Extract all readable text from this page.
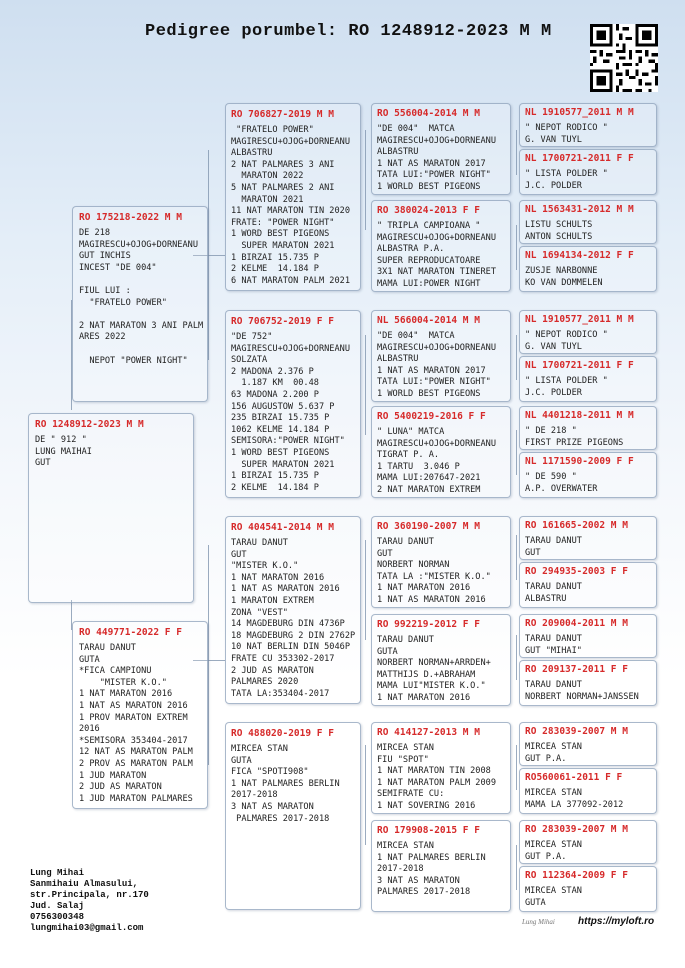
Pedigree porumbel: RO 1248912-2023 M M
RO 1248912-2023 M M
DE " 912 "
LUNG MAIHAI
GUT
RO 175218-2022 M M
DE 218
MAGIRESCU+OJOG+DORNEANU
GUT INCHIS
INCEST "DE 004"

FIUL LUI :
"FRATELO POWER"

2 NAT MARATON 3 ANI PALM
ARES 2022

NEPOT "POWER NIGHT"
RO 449771-2022 F F
TARAU DANUT
GUTA
*FICA CAMPIONU
"MISTER K.O."
1 NAT MARATON 2016
1 NAT AS MARATON 2016
1 PROV MARATON EXTREM
2016
*SEMISORA 353404-2017
12 NAT AS MARATON PALM
2 PROV AS MARATON PALM
1 JUD MARATON
2 JUD AS MARATON
1 JUD MARATON PALMARES
RO 706827-2019 M M
"FRATELO POWER"
MAGIRESCU+OJOG+DORNEANU
ALBASTRU
2 NAT PALMARES 3 ANI
MARATON 2022
5 NAT PALMARES 2 ANI
MARATON 2021
11 NAT MARATON TIN 2020
FRATE: "POWER NIGHT"
1 WORD BEST PIGEONS
SUPER MARATON 2021
1 BIRZAI 15.735 P
2 KELME  14.184 P
6 NAT MARATON PALM 2021
RO 706752-2019 F F
"DE 752"
MAGIRESCU+OJOG+DORNEANU
SOLZATA
2 MADONA 2.376 P
1.187 KM  00.48
63 MADONA 2.200 P
156 AUGUSTOW 5.637 P
235 BIRZAI 15.735 P
1062 KELME 14.184 P
SEMISORA:"POWER NIGHT"
1 WORD BEST PIGEONS
SUPER MARATON 2021
1 BIRZAI 15.735 P
2 KELME  14.184 P
RO 404541-2014 M M
TARAU DANUT
GUT
"MISTER K.O."
1 NAT MARATON 2016
1 NAT AS MARATON 2016
1 MARATON EXTREM
ZONA "VEST"
14 MAGDEBURG DIN 4736P
18 MAGDEBURG 2 DIN 2762P
10 NAT BERLIN DIN 5046P
FRATE CU 353302-2017
2 JUD AS MARATON
PALMARES 2020
TATA LA:353404-2017
RO 488020-2019 F F
MIRCEA STAN
GUTA
FICA "SPOTI908"
1 NAT PALMARES BERLIN
2017-2018
3 NAT AS MARATON
PALMARES 2017-2018
RO 556004-2014 M M
"DE 004"  MATCA
MAGIRESCU+OJOG+DORNEANU
ALBASTRU
1 NAT AS MARATON 2017
TATA LUI:"POWER NIGHT"
1 WORLD BEST PIGEONS
RO 380024-2013 F F
" TRIPLA CAMPIOANA "
MAGIRESCU+OJOG+DORNEANU
ALBASTRA P.A.
SUPER REPRODUCATOARE
3X1 NAT MARATON TINERET
MAMA LUI:POWER NIGHT
NL 566004-2014 M M
"DE 004"  MATCA
MAGIRESCU+OJOG+DORNEANU
ALBASTRU
1 NAT AS MARATON 2017
TATA LUI:"POWER NIGHT"
1 WORLD BEST PIGEONS
RO 5400219-2016 F F
" LUNA" MATCA
MAGIRESCU+OJOG+DORNEANU
TIGRAT P. A.
1 TARTU  3.046 P
MAMA LUI:207647-2021
2 NAT MARATON EXTREM
RO 360190-2007 M M
TARAU DANUT
GUT
NORBERT NORMAN
TATA LA :"MISTER K.O."
1 NAT MARATON 2016
1 NAT AS MARATON 2016
RO 992219-2012 F F
TARAU DANUT
GUTA
NORBERT NORMAN+ARRDEN+
MATTHIJS D.+ABRAHAM
MAMA LUI"MISTER K.O."
1 NAT MARATON 2016
RO 414127-2013 M M
MIRCEA STAN
FIU "SPOT"
1 NAT MARATON TIN 2008
1 NAT MARATON PALM 2009
SEMIFRATE CU:
1 NAT SOVERING 2016
RO 179908-2015 F F
MIRCEA STAN
1 NAT PALMARES BERLIN
2017-2018
3 NAT AS MARATON
PALMARES 2017-2018
NL 1910577_2011 M M
" NEPOT RODICO "
G. VAN TUYL
NL 1700721-2011 F F
" LISTA POLDER "
J.C. POLDER
NL 1563431-2012 M M
LISTU SCHULTS
ANTON SCHULTS
NL 1694134-2012 F F
ZUSJE NARBONNE
KO VAN DOMMELEN
NL 1910577_2011 M M
" NEPOT RODICO "
G. VAN TUYL
NL 1700721-2011 F F
" LISTA POLDER "
J.C. POLDER
NL 4401218-2011 M M
" DE 218 "
FIRST PRIZE PIGEONS
NL 1171590-2009 F F
" DE 590 "
A.P. OVERWATER
RO 161665-2002 M M
TARAU DANUT
GUT
RO 294935-2003 F F
TARAU DANUT
ALBASTRU
RO 209004-2011 M M
TARAU DANUT
GUT "MIHAI"
RO 209137-2011 F F
TARAU DANUT
NORBERT NORMAN+JANSSEN
RO 283039-2007 M M
MIRCEA STAN
GUT P.A.
RO560061-2011 F F
MIRCEA STAN
MAMA LA 377092-2012
RO 283039-2007 M M
MIRCEA STAN
GUT P.A.
RO 112364-2009 F F
MIRCEA STAN
GUTA
Lung Mihai
Sanmihaiu Almasului,
str.Principala, nr.170
Jud. Salaj
0756300348
lungmihai03@gmail.com
Lung Mihai https://myloft.ro
